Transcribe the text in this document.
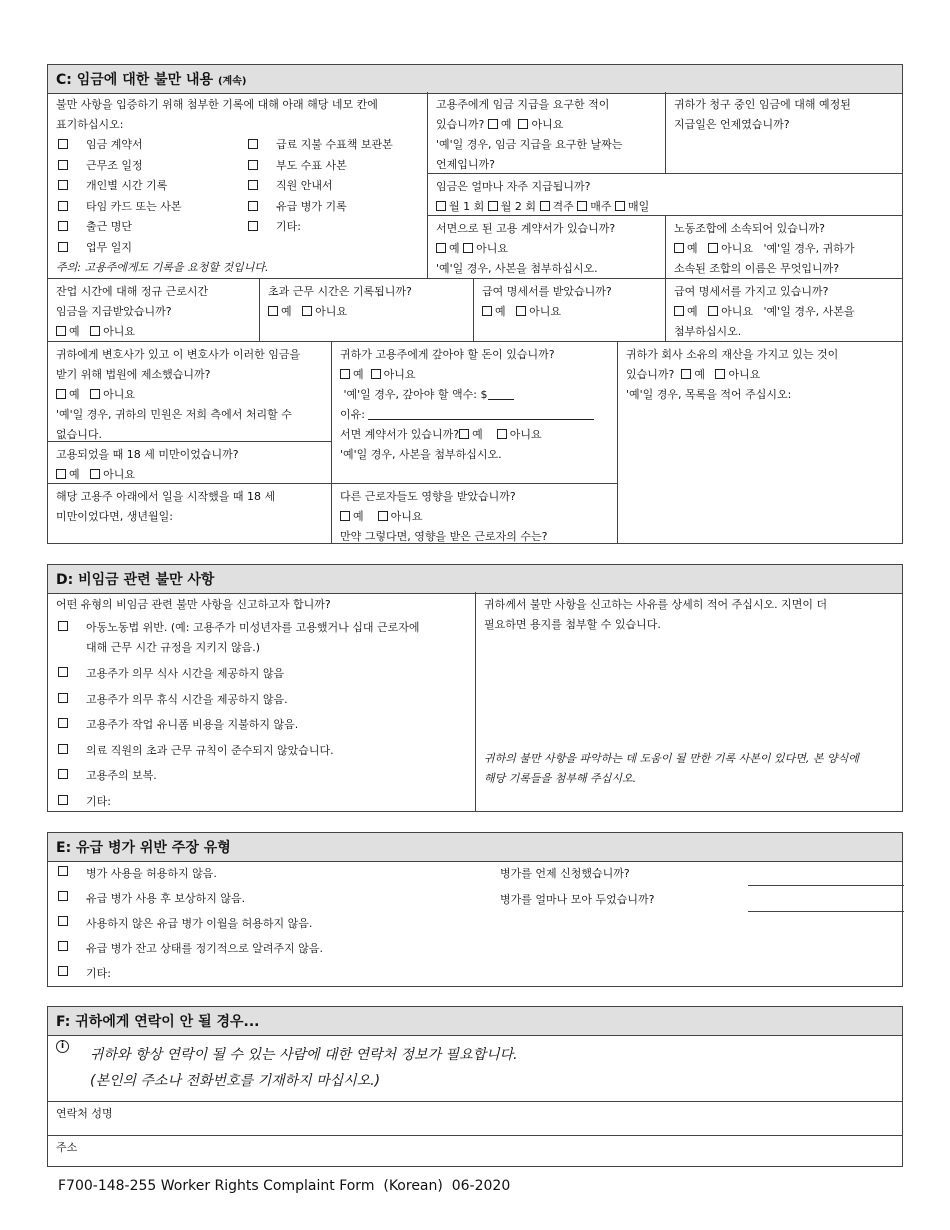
C: 임금에 대한 불만 내용 (계속)
불만 사항을 입증하기 위해 첨부한 기록에 대해 아래 해당 네모 칸에
표기하십시오:
임금 계약서
근무조 일정
개인별 시간 기록
타임 카드 또는 사본
출근 명단
업무 일지
급료 지불 수표책 보관본
부도 수표 사본
직원 안내서
유급 병가 기록
기타:
주의: 고용주에게도 기록을 요청할 것입니다.
고용주에게 임금 지급을 요구한 적이
있습니까? 예 아니요
'예'일 경우, 임금 지급을 요구한 날짜는
언제입니까?
귀하가 청구 중인 임금에 대해 예정된
지급일은 언제였습니까?
임금은 얼마나 자주 지급됩니까?
월 1 회 월 2 회 격주 매주 매일
서면으로 된 고용 계약서가 있습니까?
예 아니요
'예'일 경우, 사본을 첨부하십시오.
노동조합에 소속되어 있습니까?
예 아니요 '예'일 경우, 귀하가
소속된 조합의 이름은 무엇입니까?
잔업 시간에 대해 정규 근로시간
임금을 지급받았습니까?
예 아니요
초과 근무 시간은 기록됩니까?
예 아니요
급여 명세서를 받았습니까?
예 아니요
급여 명세서를 가지고 있습니까?
예 아니요 '예'일 경우, 사본을
첨부하십시오.
귀하에게 변호사가 있고 이 변호사가 이러한 임금을
받기 위해 법원에 제소했습니까?
예 아니요
'예'일 경우, 귀하의 민원은 저희 측에서 처리할 수
없습니다.
고용되었을 때 18 세 미만이었습니까?
예 아니요
해당 고용주 아래에서 일을 시작했을 때 18 세
미만이었다면, 생년월일:
귀하가 고용주에게 갚아야 할 돈이 있습니까?
예 아니요
'예'일 경우, 갚아야 할 액수: $
이유:
서면 계약서가 있습니까? 예 아니요
'예'일 경우, 사본을 첨부하십시오.
다른 근로자들도 영향을 받았습니까?
예 아니요
만약 그렇다면, 영향을 받은 근로자의 수는?
귀하가 회사 소유의 재산을 가지고 있는 것이
있습니까? 예 아니요
'예'일 경우, 목록을 적어 주십시오:
D: 비임금 관련 불만 사항
어떤 유형의 비임금 관련 불만 사항을 신고하고자 합니까?
아동노동법 위반. (예: 고용주가 미성년자를 고용했거나 십대 근로자에
대해 근무 시간 규정을 지키지 않음.)
고용주가 의무 식사 시간을 제공하지 않음
고용주가 의무 휴식 시간을 제공하지 않음.
고용주가 작업 유니폼 비용을 지불하지 않음.
의료 직원의 초과 근무 규칙이 준수되지 않았습니다.
고용주의 보복.
기타:
귀하께서 불만 사항을 신고하는 사유를 상세히 적어 주십시오. 지면이 더
필요하면 용지를 첨부할 수 있습니다.
귀하의 불만 사항을 파악하는 데 도움이 될 만한 기록 사본이 있다면, 본 양식에
해당 기록들을 첨부해 주십시오.
E: 유급 병가 위반 주장 유형
병가 사용을 허용하지 않음.
유급 병가 사용 후 보상하지 않음.
사용하지 않은 유급 병가 이월을 허용하지 않음.
유급 병가 잔고 상태를 정기적으로 알려주지 않음.
기타:
병가를 언제 신청했습니까?
병가를 얼마나 모아 두었습니까?
F: 귀하에게 연락이 안 될 경우...
i
귀하와 항상 연락이 될 수 있는 사람에 대한 연락처 정보가 필요합니다.
(본인의 주소나 전화번호를 기재하지 마십시오.)
연락처 성명
주소
F700-148-255 Worker Rights Complaint Form  (Korean)  06-2020
